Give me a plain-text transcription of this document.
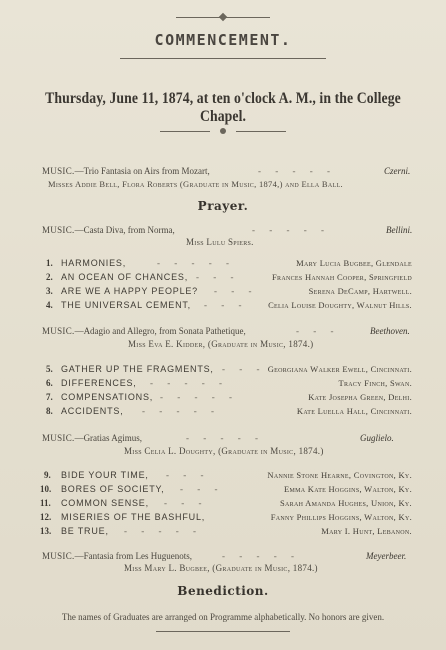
COMMENCEMENT.
Thursday, June 11, 1874, at ten o'clock A. M., in the College Chapel.
MUSIC.—Trio Fantasia on Airs from Mozart,	- - - - -	Czerni.
Misses Addie Bell, Flora Roberts (Graduate in Music, 1874,) and Ella Ball.
Prayer.
MUSIC.—Casta Diva, from Norma,	- - - - -	Bellini.
Miss Lulu Spiers.
1. HARMONIES,	- - - - -	Mary Lucia Bugbee, Glendale
2. AN OCEAN OF CHANCES, - - -	Frances Hannah Cooper, Springfield
3. ARE WE A HAPPY PEOPLE? - - -	Serena DeCamp, Hartwell.
4. THE UNIVERSAL CEMENT, - - - Celia Louise Doughty, Walnut Hills.
MUSIC.—Adagio and Allegro, from Sonata Pathetique,	- - -	Beethoven.
Miss Eva E. Kidder, (Graduate in Music, 1874.)
5. GATHER UP THE FRAGMENTS, - - - Georgiana Walker Ewell, Cincinnati.
6. DIFFERENCES, - - - - -	Tracy Finch, Swan.
7. COMPENSATIONS, - - - - -	Kate Josepha Green, Delhi.
8. ACCIDENTS, - - - - -	Kate Luella Hall, Cincinnati.
MUSIC.—Gratias Agimus,	- - - - -	Guglielo.
Miss Celia L. Doughty, (Graduate in Music, 1874.)
9. BIDE YOUR TIME, - - -	Nannie Stone Hearne, Covington, Ky.
10. BORES OF SOCIETY, - - -	Emma Kate Hoggins, Walton, Ky.
11. COMMON SENSE, - - -	Sarah Amanda Hughes, Union, Ky.
12. MISERIES OF THE BASHFUL,	Fanny Phillips Hoggins, Walton, Ky.
13. BE TRUE, - - - - -	Mary I. Hunt, Lebanon.
MUSIC.—Fantasia from Les Huguenots,	- - - - -	Meyerbeer.
Miss Mary L. Bugbee, (Graduate in Music, 1874.)
Benediction.
The names of Graduates are arranged on Programme alphabetically. No honors are given.
